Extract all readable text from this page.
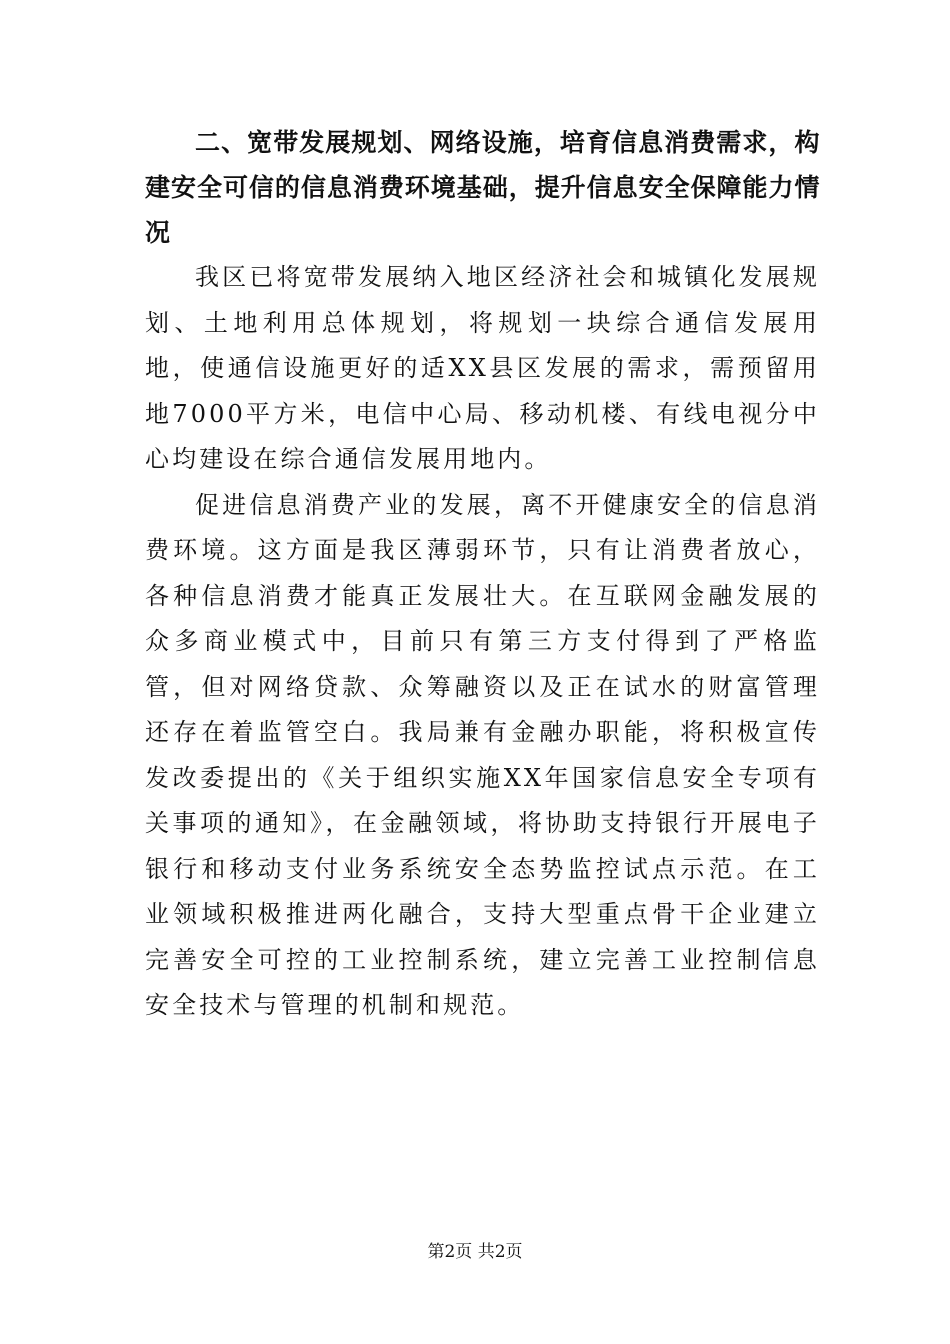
二、宽带发展规划、网络设施，培育信息消费需求，构建安全可信的信息消费环境基础，提升信息安全保障能力情况

我区已将宽带发展纳入地区经济社会和城镇化发展规划、土地利用总体规划，将规划一块综合通信发展用地，使通信设施更好的适XX县区发展的需求，需预留用地7000平方米，电信中心局、移动机楼、有线电视分中心均建设在综合通信发展用地内。

促进信息消费产业的发展，离不开健康安全的信息消费环境。这方面是我区薄弱环节，只有让消费者放心，各种信息消费才能真正发展壮大。在互联网金融发展的众多商业模式中，目前只有第三方支付得到了严格监管，但对网络贷款、众筹融资以及正在试水的财富管理还存在着监管空白。我局兼有金融办职能，将积极宣传发改委提出的《关于组织实施XX年国家信息安全专项有关事项的通知》，在金融领域，将协助支持银行开展电子银行和移动支付业务系统安全态势监控试点示范。在工业领域积极推进两化融合，支持大型重点骨干企业建立完善安全可控的工业控制系统，建立完善工业控制信息安全技术与管理的机制和规范。

第2页 共2页
